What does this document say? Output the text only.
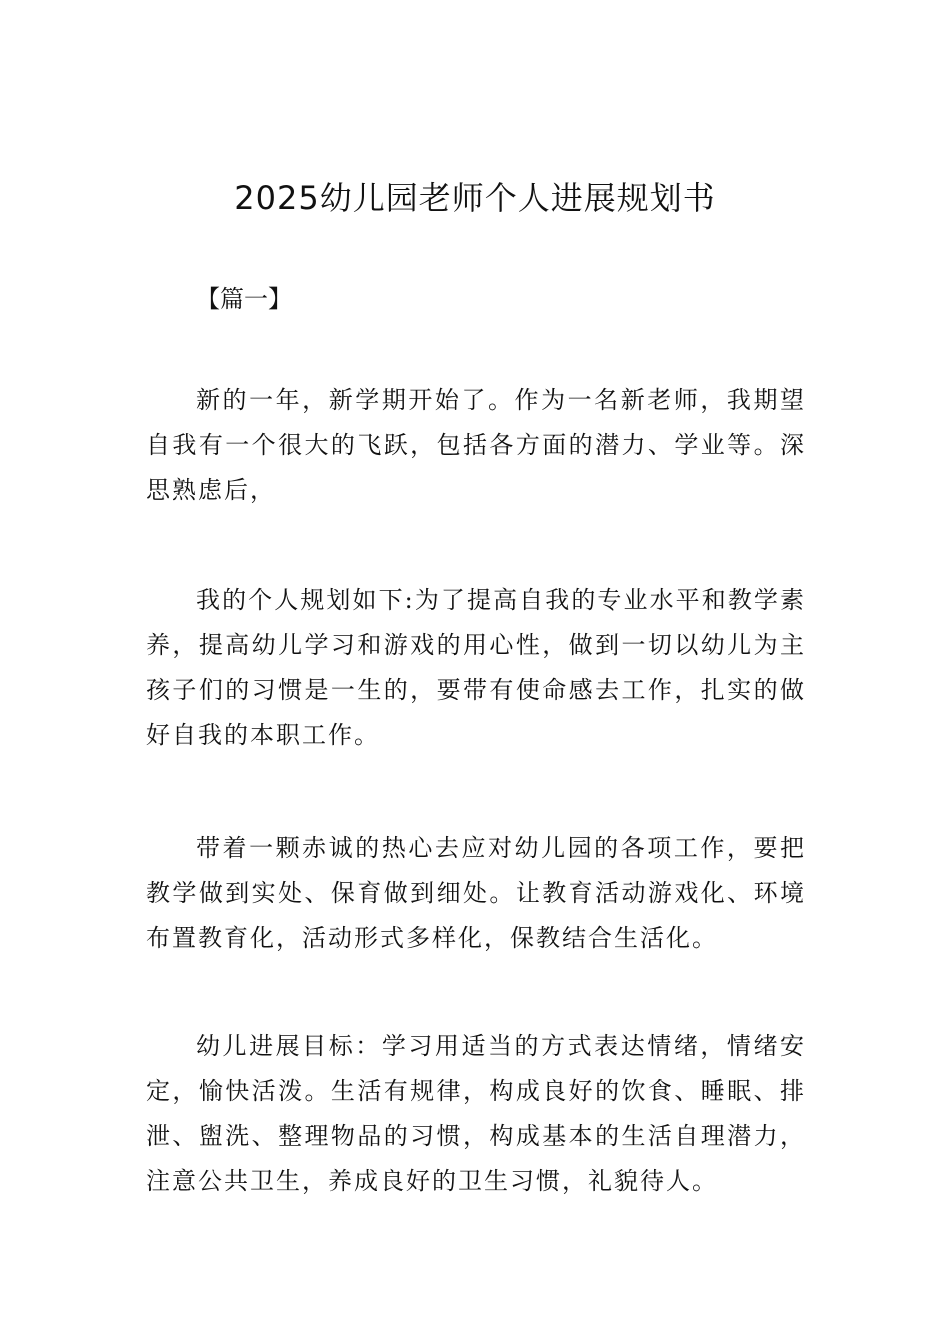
2025幼儿园老师个人进展规划书

【篇一】

新的一年，新学期开始了。作为一名新老师，我期望自我有一个很大的飞跃，包括各方面的潜力、学业等。深思熟虑后，

我的个人规划如下:为了提高自我的专业水平和教学素养，提高幼儿学习和游戏的用心性，做到一切以幼儿为主孩子们的习惯是一生的，要带有使命感去工作，扎实的做好自我的本职工作。

带着一颗赤诚的热心去应对幼儿园的各项工作，要把教学做到实处、保育做到细处。让教育活动游戏化、环境布置教育化，活动形式多样化，保教结合生活化。

幼儿进展目标：学习用适当的方式表达情绪，情绪安定，愉快活泼。生活有规律，构成良好的饮食、睡眠、排泄、盥洗、整理物品的习惯，构成基本的生活自理潜力，注意公共卫生，养成良好的卫生习惯，礼貌待人。
